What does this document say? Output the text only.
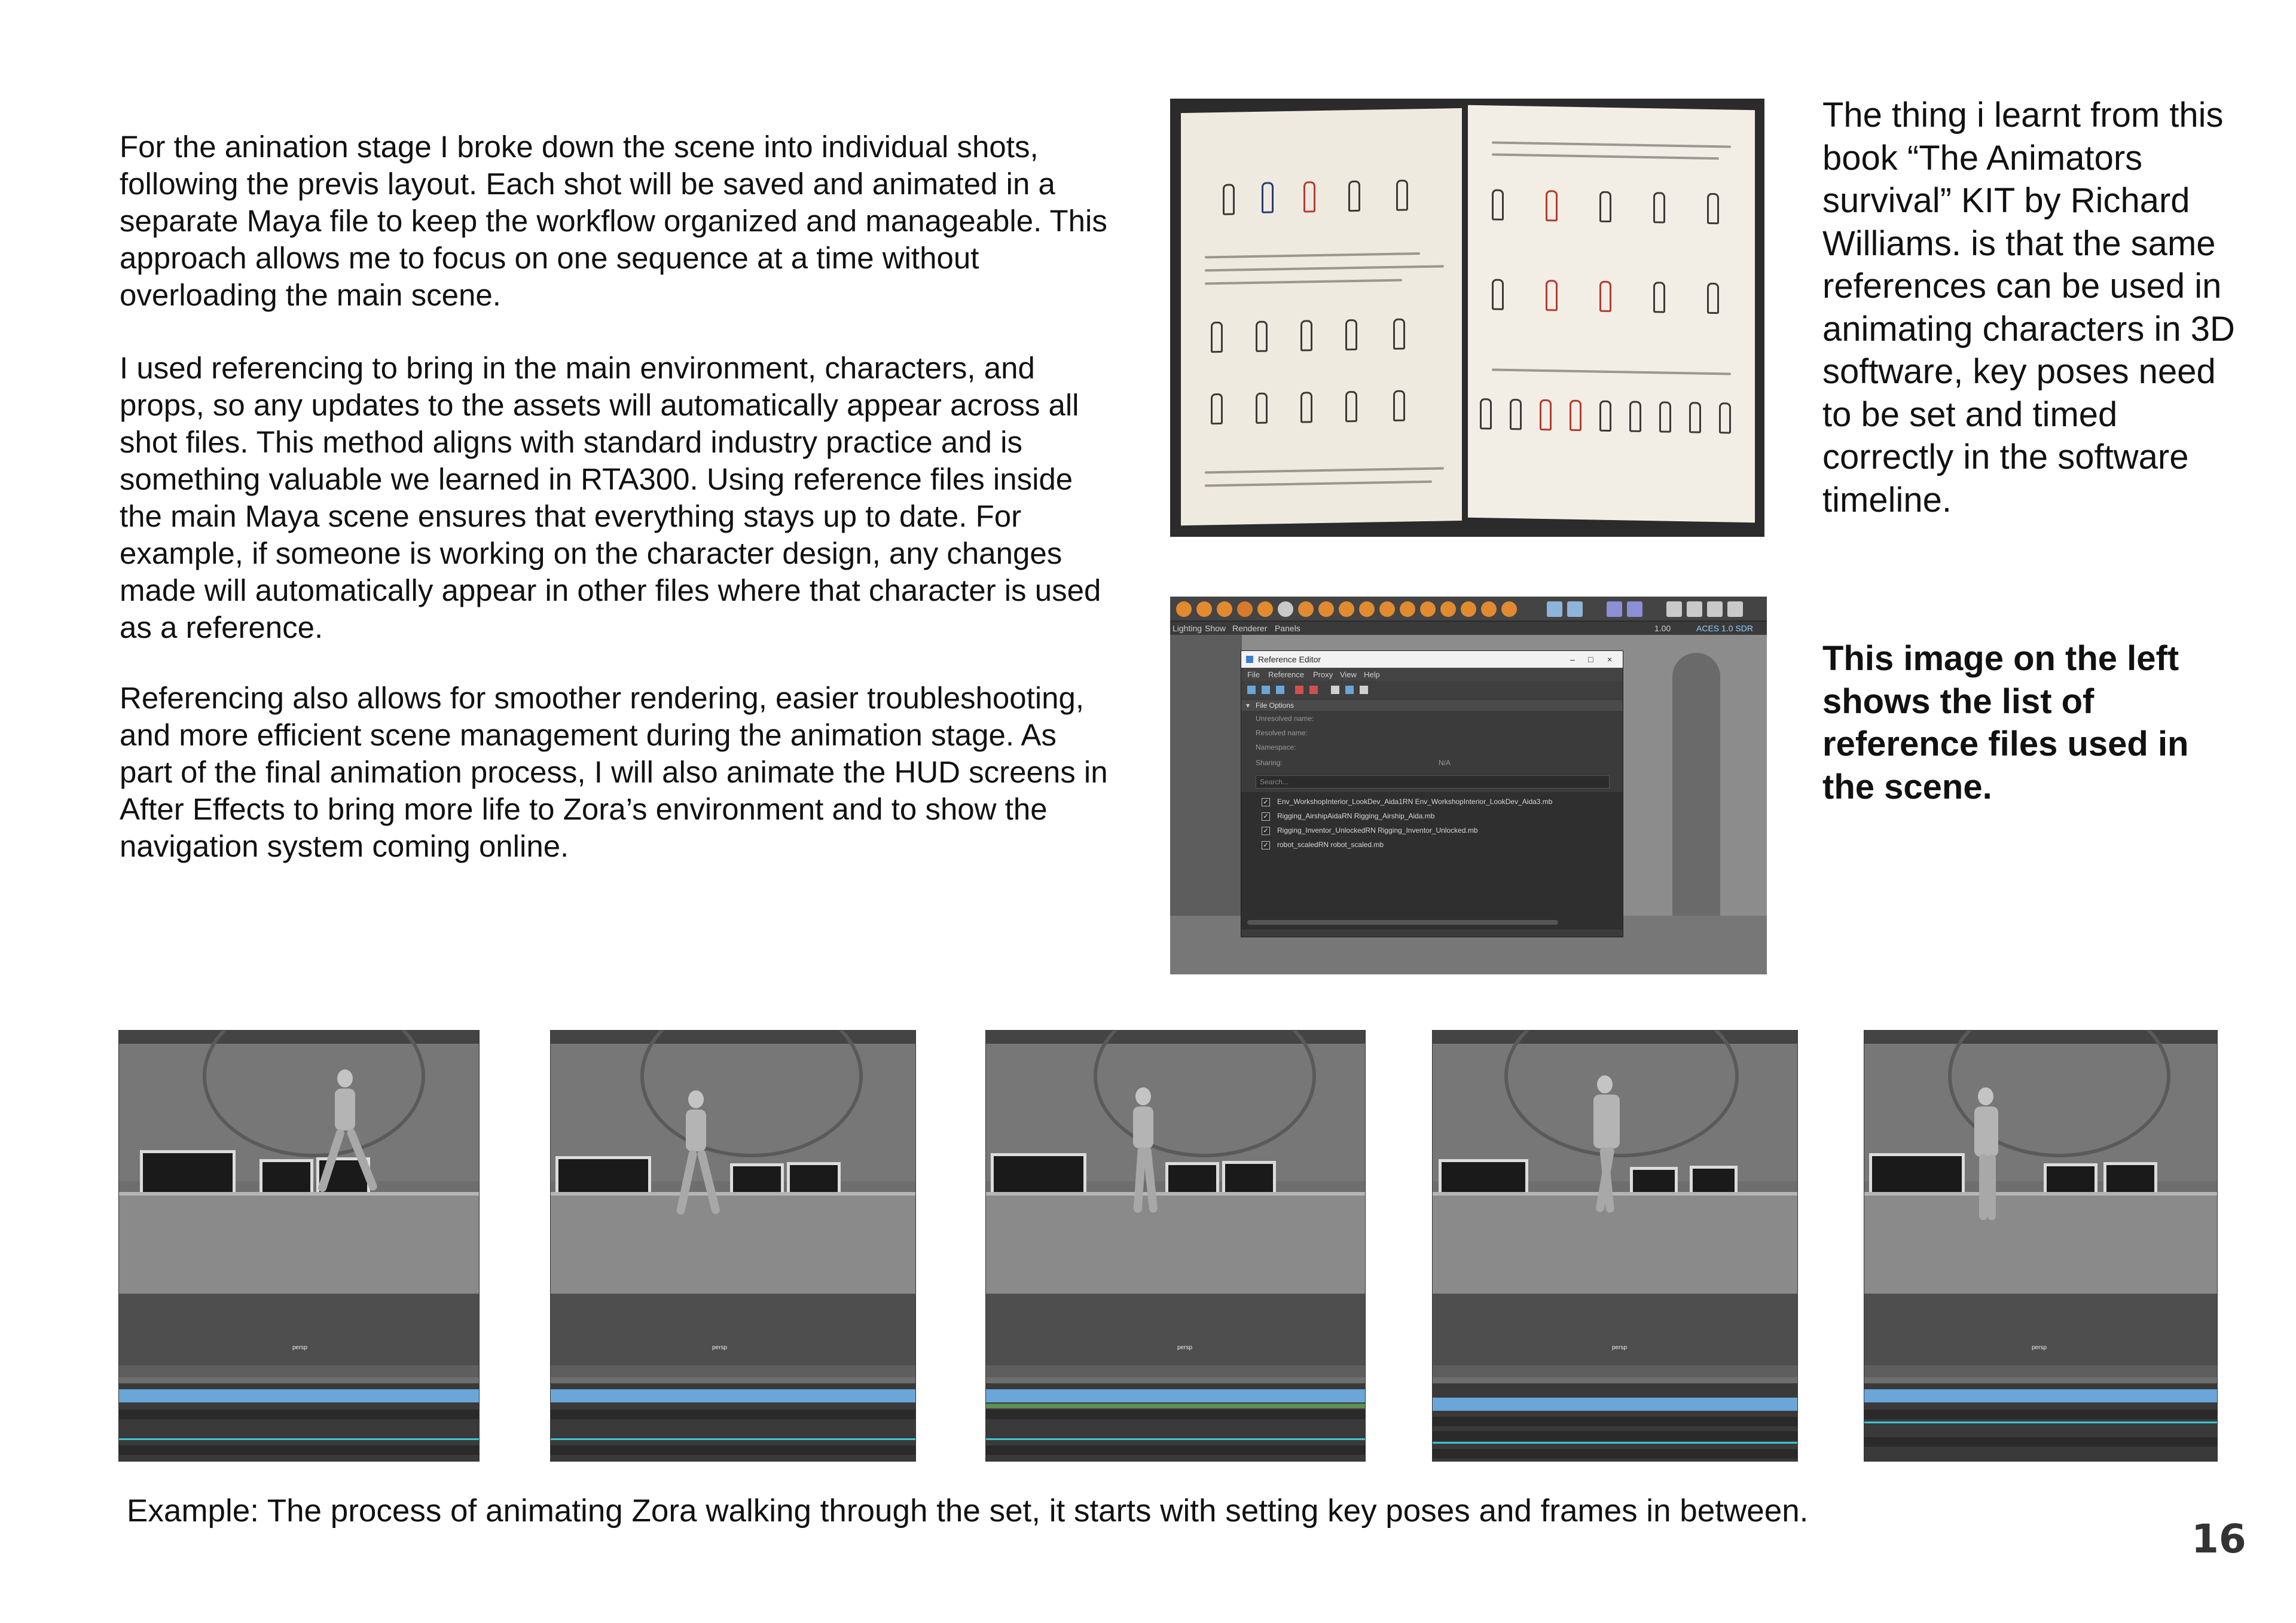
For the anination stage I broke down the scene into individual shots, following the previs layout. Each shot will be saved and animated in a separate Maya file to keep the workflow organized and manageable. This approach allows me to focus on one sequence at a time without overloading the main scene.
I used referencing to bring in the main environment, characters, and props, so any updates to the assets will automatically appear across all shot files. This method aligns with standard industry practice and is something valuable we learned in RTA300. Using reference files inside the main Maya scene ensures that everything stays up to date. For example, if someone is working on the character design, any changes made will automatically appear in other files where that character is used as a reference.
Referencing also allows for smoother rendering, easier troubleshooting, and more efficient scene management during the animation stage. As part of the final animation process, I will also animate the HUD screens in After Effects to bring more life to Zora’s environment and to show the navigation system coming online.
The thing i learnt from this book “The Animators survival” KIT by Richard Williams. is that the same references can be used in animating characters in 3D software, key poses need to be set and timed correctly in the software timeline.
This image on the left shows the list of reference files used in the scene.
Lighting Show Renderer Panels	1.00	ACES 1.0 SDR
Reference Editor	– □ ×
File Reference Proxy View Help
▾ File Options
Unresolved name:
Resolved name:
Namespace:
Sharing:	N/A
Search...
✓ Env_WorkshopInterior_LookDev_Aida1RN Env_WorkshopInterior_LookDev_Aida3.mb
✓ Rigging_AirshipAidaRN Rigging_Airship_Aida.mb
✓ Rigging_Inventor_UnlockedRN Rigging_Inventor_Unlocked.mb
✓ robot_scaledRN robot_scaled.mb
persp	persp	persp	persp	persp
Example: The process of animating Zora walking through the set, it starts with setting key poses and frames in between.
16
